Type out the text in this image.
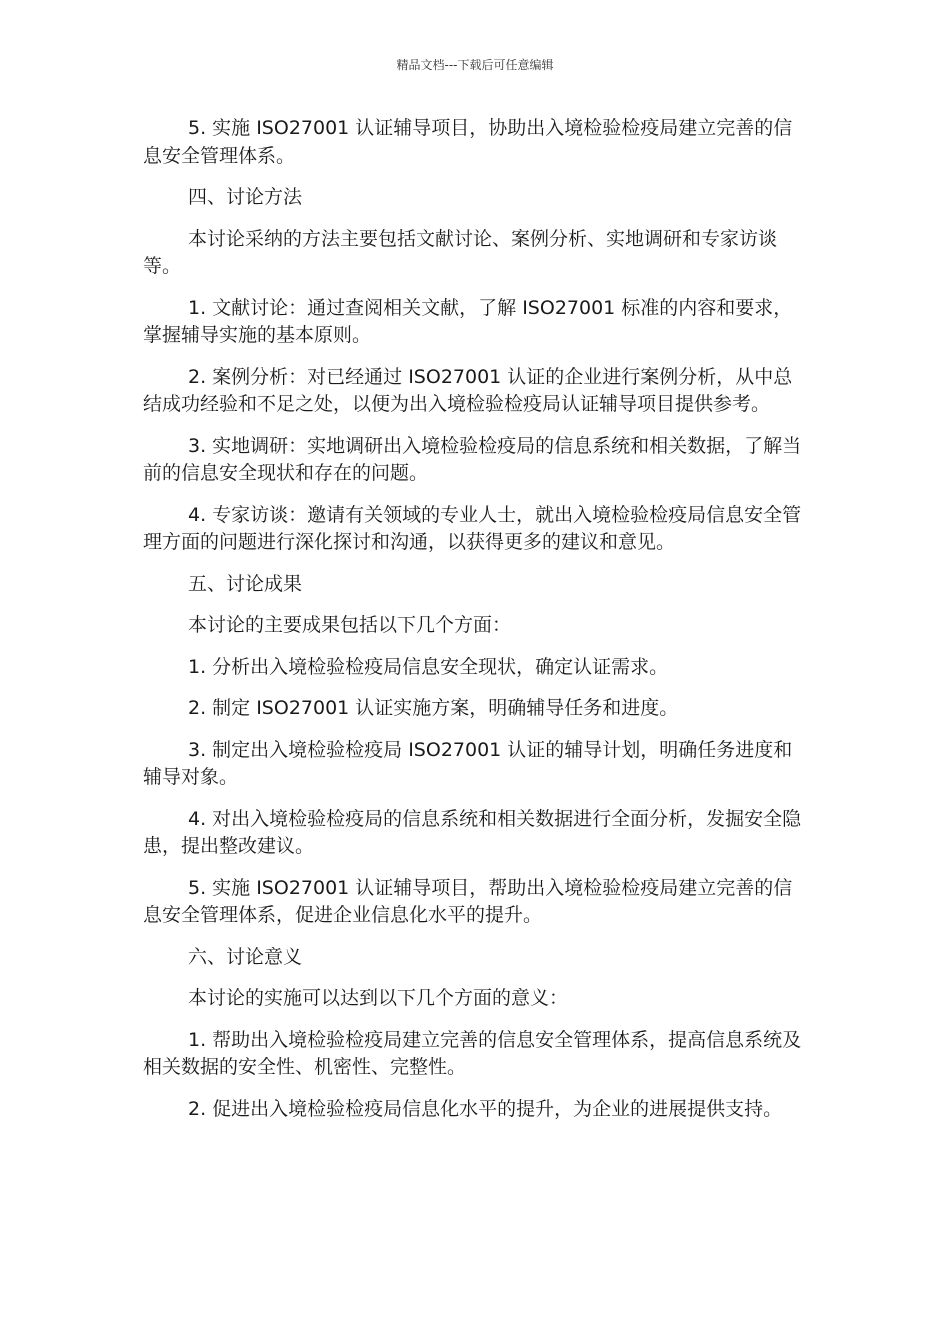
精品文档---下载后可任意编辑

5. 实施 ISO27001 认证辅导项目，协助出入境检验检疫局建立完善的信息安全管理体系。

四、讨论方法

本讨论采纳的方法主要包括文献讨论、案例分析、实地调研和专家访谈等。

1. 文献讨论：通过查阅相关文献，了解 ISO27001 标准的内容和要求，掌握辅导实施的基本原则。

2. 案例分析：对已经通过 ISO27001 认证的企业进行案例分析，从中总结成功经验和不足之处，以便为出入境检验检疫局认证辅导项目提供参考。

3. 实地调研：实地调研出入境检验检疫局的信息系统和相关数据，了解当前的信息安全现状和存在的问题。

4. 专家访谈：邀请有关领域的专业人士，就出入境检验检疫局信息安全管理方面的问题进行深化探讨和沟通，以获得更多的建议和意见。

五、讨论成果

本讨论的主要成果包括以下几个方面：

1. 分析出入境检验检疫局信息安全现状，确定认证需求。

2. 制定 ISO27001 认证实施方案，明确辅导任务和进度。

3. 制定出入境检验检疫局 ISO27001 认证的辅导计划，明确任务进度和辅导对象。

4. 对出入境检验检疫局的信息系统和相关数据进行全面分析，发掘安全隐患，提出整改建议。

5. 实施 ISO27001 认证辅导项目，帮助出入境检验检疫局建立完善的信息安全管理体系，促进企业信息化水平的提升。

六、讨论意义

本讨论的实施可以达到以下几个方面的意义：

1. 帮助出入境检验检疫局建立完善的信息安全管理体系，提高信息系统及相关数据的安全性、机密性、完整性。

2. 促进出入境检验检疫局信息化水平的提升，为企业的进展提供支持。
